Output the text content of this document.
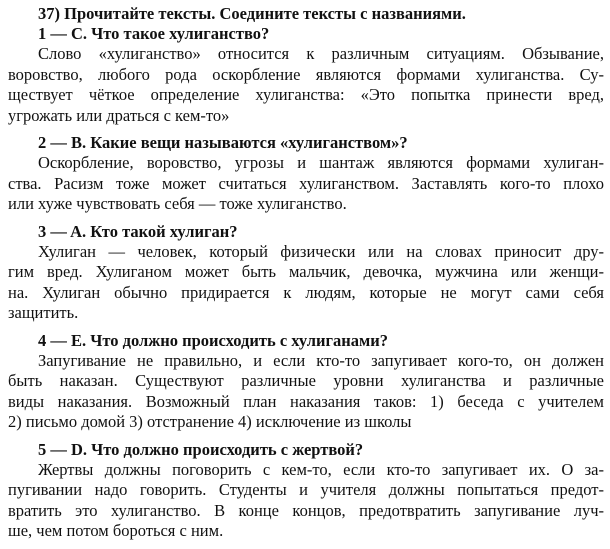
37) Прочитайте тексты. Соедините тексты с названиями.
1 — C. Что такое хулиганство?
Слово «хулиганство» относится к различным ситуациям. Обзывание,
воровство, любого рода оскорбление являются формами хулиганства. Су-
ществует чёткое определение хулиганства: «Это попытка принести вред,
угрожать или драться с кем-то»
2 — B. Какие вещи называются «хулиганством»?
Оскорбление, воровство, угрозы и шантаж являются формами хулиган-
ства. Расизм тоже может считаться хулиганством. Заставлять кого-то плохо
или хуже чувствовать себя — тоже хулиганство.
3 — A. Кто такой хулиган?
Хулиган — человек, который физически или на словах приносит дру-
гим вред. Хулиганом может быть мальчик, девочка, мужчина или женщи-
на. Хулиган обычно придирается к людям, которые не могут сами себя
защитить.
4 — E. Что должно происходить с хулиганами?
Запугивание не правильно, и если кто-то запугивает кого-то, он должен
быть наказан. Существуют различные уровни хулиганства и различные
виды наказания. Возможный план наказания таков: 1) беседа с учителем
2) письмо домой 3) отстранение 4) исключение из школы
5 — D. Что должно происходить с жертвой?
Жертвы должны поговорить с кем-то, если кто-то запугивает их. О за-
пугивании надо говорить. Студенты и учителя должны попытаться предот-
вратить это хулиганство. В конце концов, предотвратить запугивание луч-
ше, чем потом бороться с ним.
